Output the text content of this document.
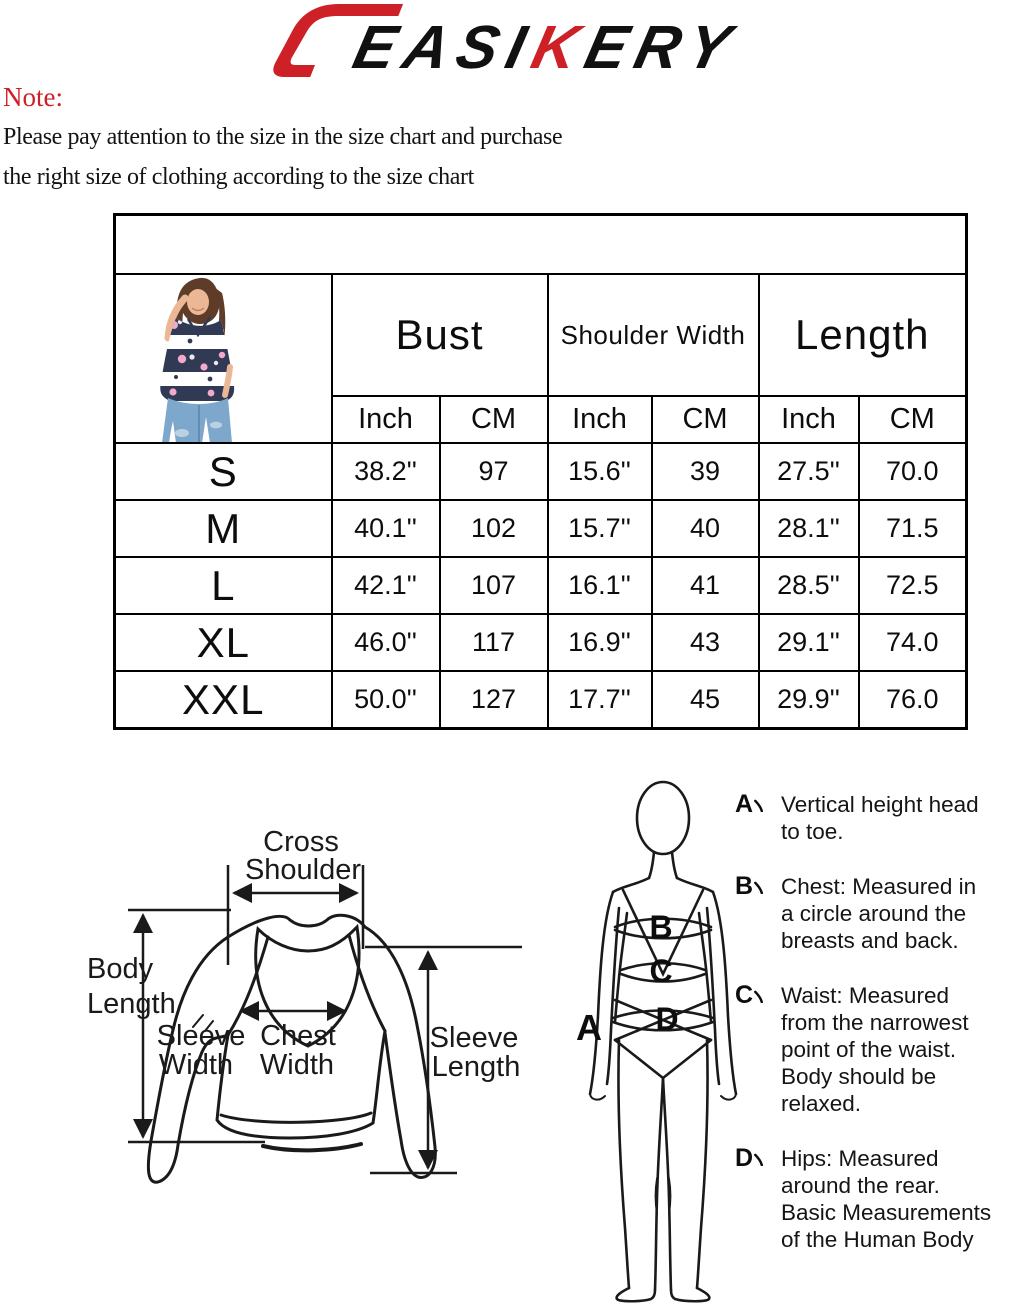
EASIKERY
Note:
Please pay attention to the size in the size chart and purchase
the right size of clothing according to the size chart

	Bust		Shoulder Width		Length	
	Inch	CM	Inch	CM	Inch	CM
S	38.2''	97	15.6''	39	27.5''	70.0
M	40.1''	102	15.7''	40	28.1''	71.5
L	42.1''	107	16.1''	41	28.5''	72.5
XL	46.0''	117	16.9''	43	29.1''	74.0
XXL	50.0''	127	17.7''	45	29.9''	76.0
Cross
Shoulder
Body
Length
Sleeve
Width
Chest
Width
Sleeve
Length
A
B
C
D
A Vertical height head
to toe.
B Chest: Measured in
a circle around the
breasts and back.
C Waist: Measured
from the narrowest
point of the waist.
Body should be
relaxed.
D Hips: Measured
around the rear.
Basic Measurements
of the Human Body
